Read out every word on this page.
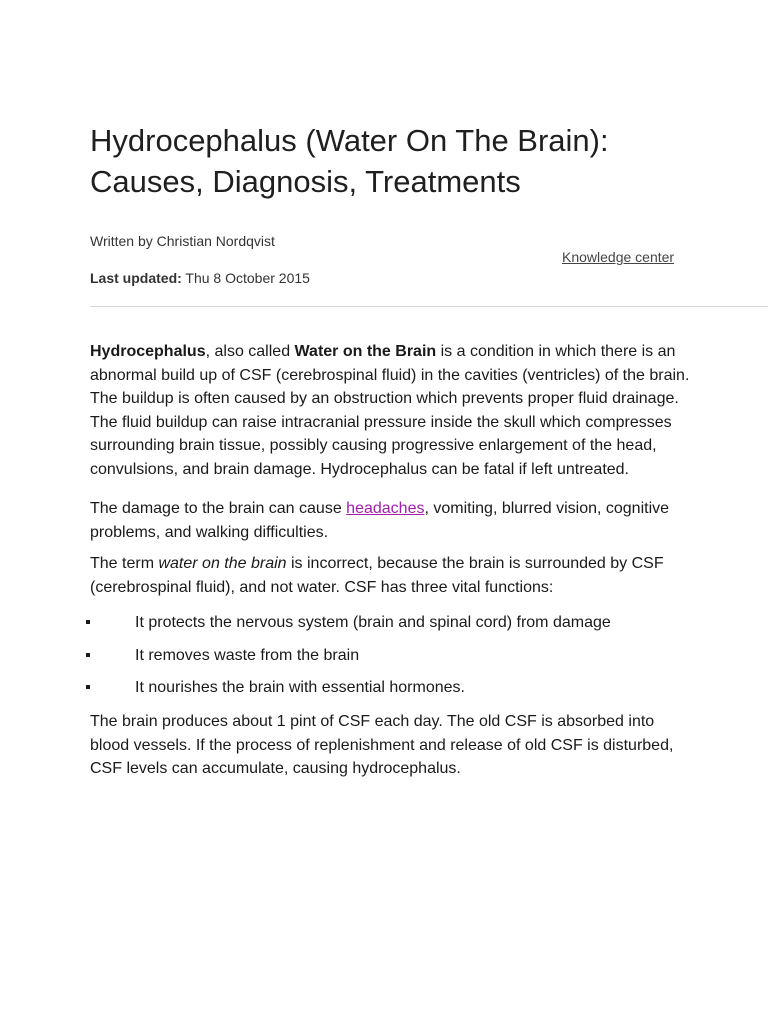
Hydrocephalus (Water On The Brain): Causes, Diagnosis, Treatments
Written by Christian Nordqvist
Knowledge center
Last updated: Thu 8 October 2015

Hydrocephalus, also called Water on the Brain is a condition in which there is an abnormal build up of CSF (cerebrospinal fluid) in the cavities (ventricles) of the brain. The buildup is often caused by an obstruction which prevents proper fluid drainage. The fluid buildup can raise intracranial pressure inside the skull which compresses surrounding brain tissue, possibly causing progressive enlargement of the head, convulsions, and brain damage. Hydrocephalus can be fatal if left untreated.

The damage to the brain can cause headaches, vomiting, blurred vision, cognitive problems, and walking difficulties.

The term water on the brain is incorrect, because the brain is surrounded by CSF (cerebrospinal fluid), and not water. CSF has three vital functions:

It protects the nervous system (brain and spinal cord) from damage
It removes waste from the brain
It nourishes the brain with essential hormones.

The brain produces about 1 pint of CSF each day. The old CSF is absorbed into blood vessels. If the process of replenishment and release of old CSF is disturbed, CSF levels can accumulate, causing hydrocephalus.
